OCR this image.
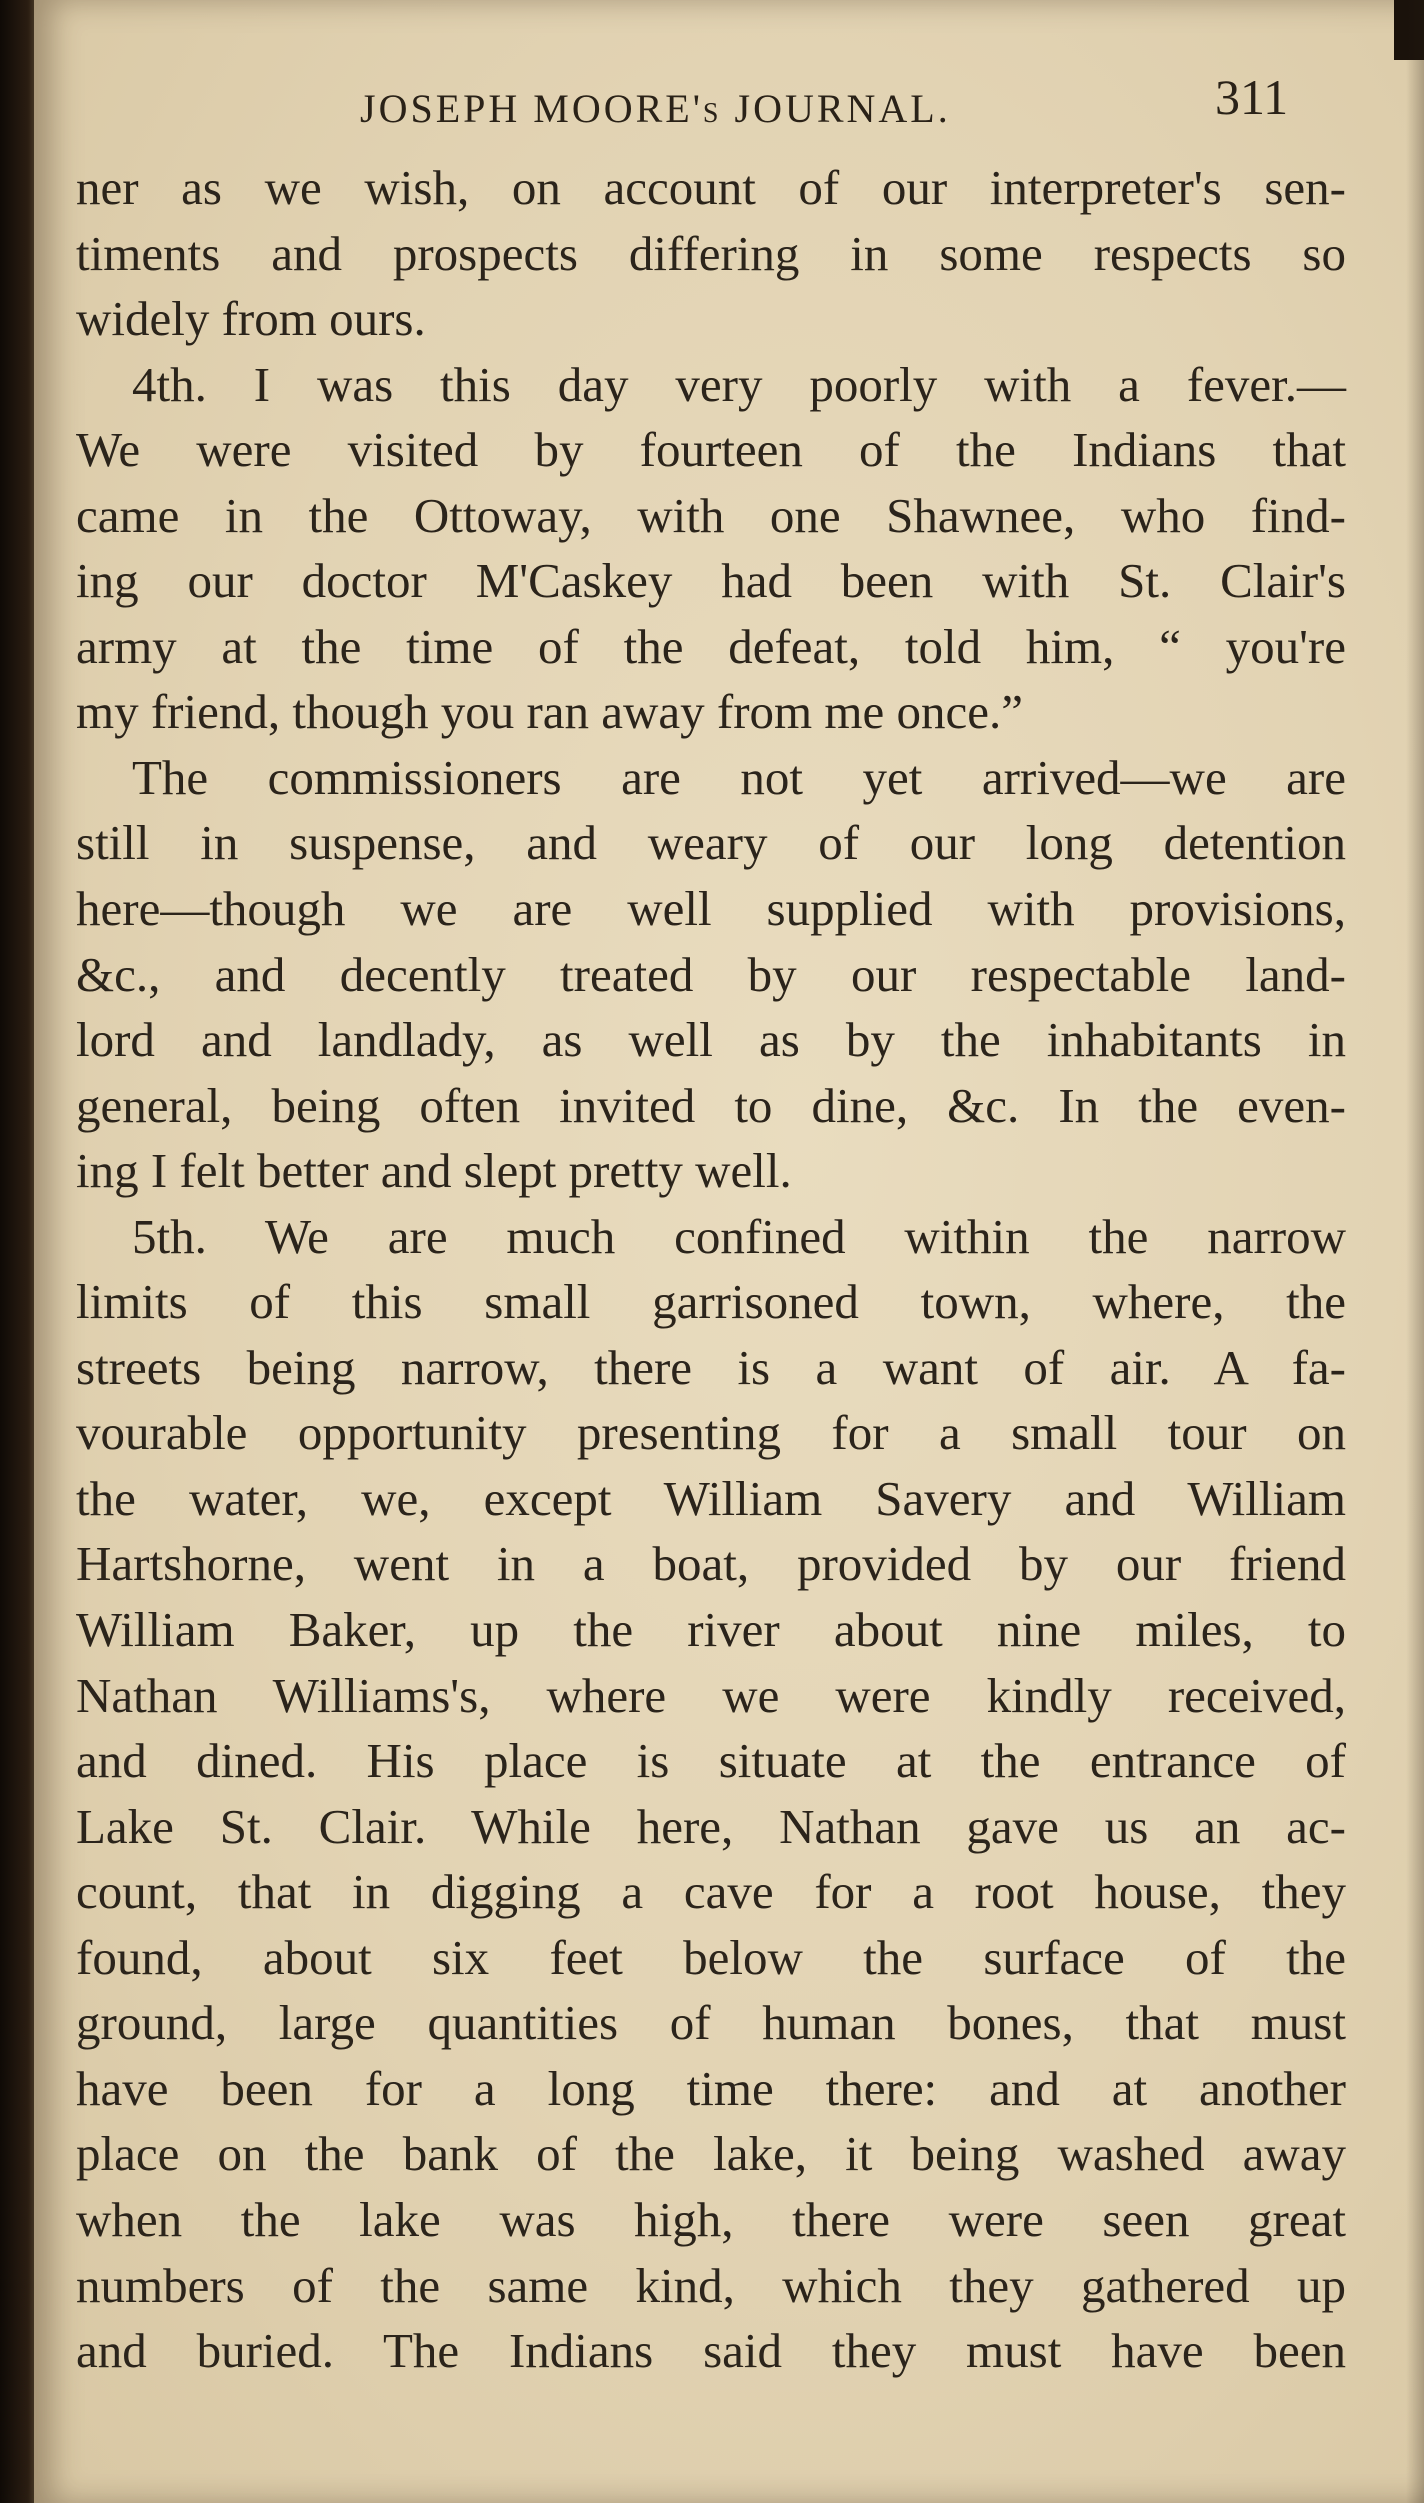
JOSEPH MOORE's JOURNAL.	311
ner as we wish, on account of our interpreter's sen-
timents and prospects differing in some respects so
widely from ours.
4th. I was this day very poorly with a fever.—
We were visited by fourteen of the Indians that
came in the Ottoway, with one Shawnee, who find-
ing our doctor M'Caskey had been with St. Clair's
army at the time of the defeat, told him, “ you're
my friend, though you ran away from me once.”
The commissioners are not yet arrived—we are
still in suspense, and weary of our long detention
here—though we are well supplied with provisions,
&c., and decently treated by our respectable land-
lord and landlady, as well as by the inhabitants in
general, being often invited to dine, &c. In the even-
ing I felt better and slept pretty well.
5th. We are much confined within the narrow
limits of this small garrisoned town, where, the
streets being narrow, there is a want of air. A fa-
vourable opportunity presenting for a small tour on
the water, we, except William Savery and William
Hartshorne, went in a boat, provided by our friend
William Baker, up the river about nine miles, to
Nathan Williams's, where we were kindly received,
and dined. His place is situate at the entrance of
Lake St. Clair. While here, Nathan gave us an ac-
count, that in digging a cave for a root house, they
found, about six feet below the surface of the
ground, large quantities of human bones, that must
have been for a long time there: and at another
place on the bank of the lake, it being washed away
when the lake was high, there were seen great
numbers of the same kind, which they gathered up
and buried. The Indians said they must have been
